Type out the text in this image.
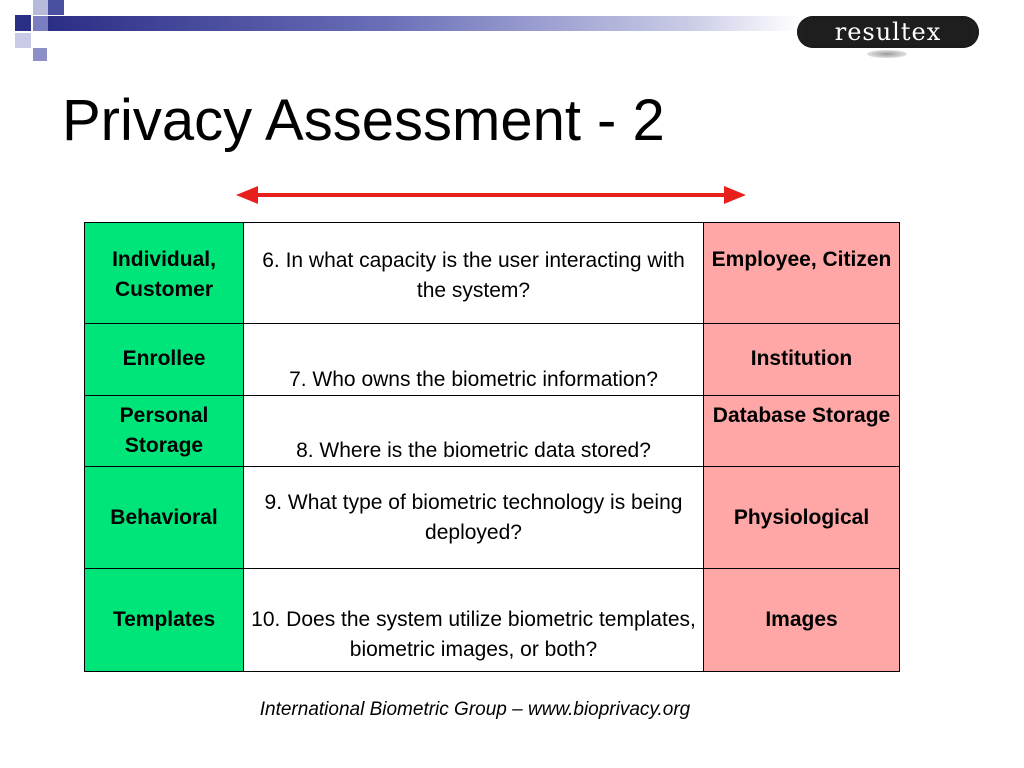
resultex
Privacy Assessment - 2
Individual, Customer	6. In what capacity is the user interacting with the system?	Employee, Citizen
Enrollee	7. Who owns the biometric information?	Institution
Personal Storage	8. Where is the biometric data stored?	Database Storage
Behavioral	9. What type of biometric technology is being deployed?	Physiological
Templates	10. Does the system utilize biometric templates, biometric images, or both?	Images
International Biometric Group – www.bioprivacy.org
